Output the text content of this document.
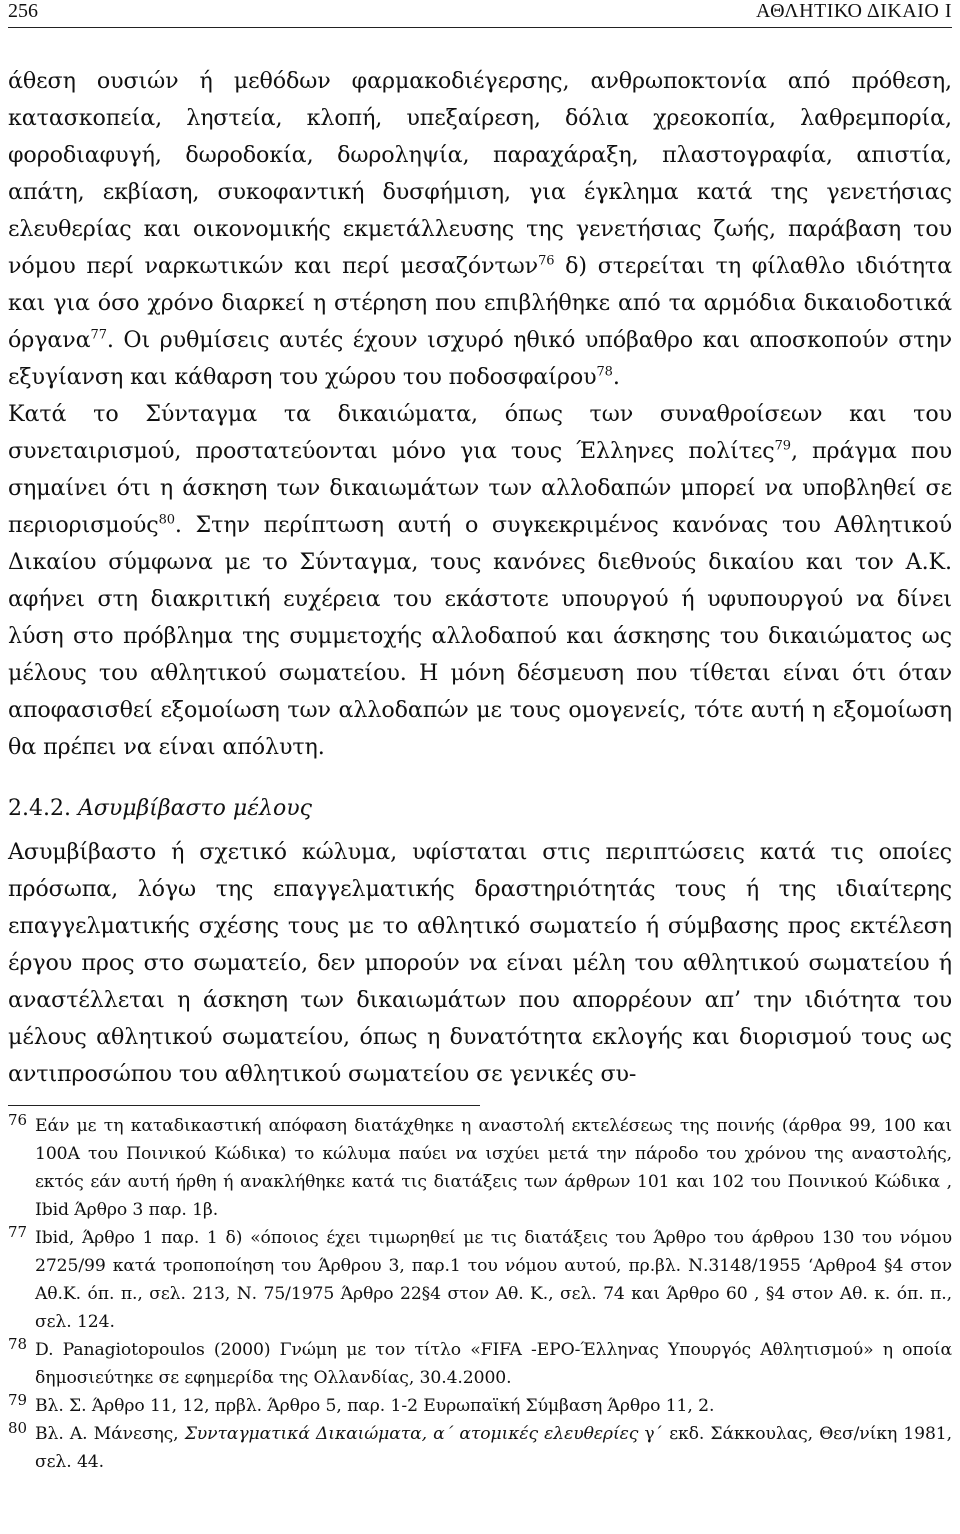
256	ΑΘΛΗΤΙΚΟ ΔΙΚΑΙΟ Ι

άθεση ουσιών ή μεθόδων φαρμακοδιέγερσης, ανθρωποκτονία από πρόθεση, κατασκοπεία, ληστεία, κλοπή, υπεξαίρεση, δόλια χρεοκοπία, λαθρεμπορία, φοροδιαφυγή, δωροδοκία, δωροληψία, παραχάραξη, πλαστογραφία, απιστία, απάτη, εκβίαση, συκοφαντική δυσφήμιση, για έγκλημα κατά της γενετήσιας ελευθερίας και οικονομικής εκμετάλλευσης της γενετήσιας ζωής, παράβαση του νόμου περί ναρκωτικών και περί μεσαζόντων$^{76}$ δ) στερείται τη φίλαθλο ιδιότητα και για όσο χρόνο διαρκεί η στέρηση που επιβλήθηκε από τα αρμόδια δικαιοδοτικά όργανα$^{77}$. Οι ρυθμίσεις αυτές έχουν ισχυρό ηθικό υπόβαθρο και αποσκοπούν στην εξυγίανση και κάθαρση του χώρου του ποδοσφαίρου$^{78}$.

Κατά το Σύνταγμα τα δικαιώματα, όπως των συναθροίσεων και του συνεταιρισμού, προστατεύονται μόνο για τους Έλληνες πολίτες$^{79}$, πράγμα που σημαίνει ότι η άσκηση των δικαιωμάτων των αλλοδαπών μπορεί να υποβληθεί σε περιορισμούς$^{80}$. Στην περίπτωση αυτή ο συγκεκριμένος κανόνας του Αθλητικού Δικαίου σύμφωνα με το Σύνταγμα, τους κανόνες διεθνούς δικαίου και τον Α.Κ. αφήνει στη διακριτική ευχέρεια του εκάστοτε υπουργού ή υφυπουργού να δίνει λύση στο πρόβλημα της συμμετοχής αλλοδαπού και άσκησης του δικαιώματος ως μέλους του αθλητικού σωματείου. Η μόνη δέσμευση που τίθεται είναι ότι όταν αποφασισθεί εξομοίωση των αλλοδαπών με τους ομογενείς, τότε αυτή η εξομοίωση θα πρέπει να είναι απόλυτη.

2.4.2. Ασυμβίβαστο μέλους

Ασυμβίβαστο ή σχετικό κώλυμα, υφίσταται στις περιπτώσεις κατά τις οποίες πρόσωπα, λόγω της επαγγελματικής δραστηριότητάς τους ή της ιδιαίτερης επαγγελματικής σχέσης τους με το αθλητικό σωματείο ή σύμβασης προς εκτέλεση έργου προς στο σωματείο, δεν μπορούν να είναι μέλη του αθλητικού σωματείου ή αναστέλλεται η άσκηση των δικαιωμάτων που απορρέουν απ’ την ιδιότητα του μέλους αθλητικού σωματείου, όπως η δυνατότητα εκλογής και διορισμού τους ως αντιπροσώπου του αθλητικού σωματείου σε γενικές συ-

76 Εάν με τη καταδικαστική απόφαση διατάχθηκε η αναστολή εκτελέσεως της ποινής (άρθρα 99, 100 και 100Α του Ποινικού Κώδικα) το κώλυμα παύει να ισχύει μετά την πάροδο του χρόνου της αναστολής, εκτός εάν αυτή ήρθη ή ανακλήθηκε κατά τις διατάξεις των άρθρων 101 και 102 του Ποινικού Κώδικα , Ibid Άρθρο 3 παρ. 1β.

77 Ibid, Άρθρο 1 παρ. 1 δ) «όποιος έχει τιμωρηθεί με τις διατάξεις του Άρθρο του άρθρου 130 του νόμου 2725/99 κατά τροποποίηση του Άρθρου 3, παρ.1 του νόμου αυτού, πρ.βλ. Ν.3148/1955 ‘Αρθρο4 §4 στον Αθ.Κ. όπ. π., σελ. 213, Ν. 75/1975 Άρθρο 22§4 στον Αθ. Κ., σελ. 74 και Άρθρο 60 , §4 στον Αθ. κ. όπ. π., σελ. 124.

78 D. Panagiotopoulos (2000) Γνώμη με τον τίτλο «FIFA -ΕΡΟ-Έλληνας Υπουργός Αθλητισμού» η οποία δημοσιεύτηκε σε εφημερίδα της Ολλανδίας, 30.4.2000.

79 Βλ. Σ. Άρθρο 11, 12, πρβλ. Άρθρο 5, παρ. 1-2 Ευρωπαϊκή Σύμβαση Άρθρο 11, 2.

80 Βλ. Α. Μάνεσης, Συνταγματικά Δικαιώματα, α΄ ατομικές ελευθερίες γ΄ εκδ. Σάκκουλας, Θεσ/νίκη 1981, σελ. 44.
